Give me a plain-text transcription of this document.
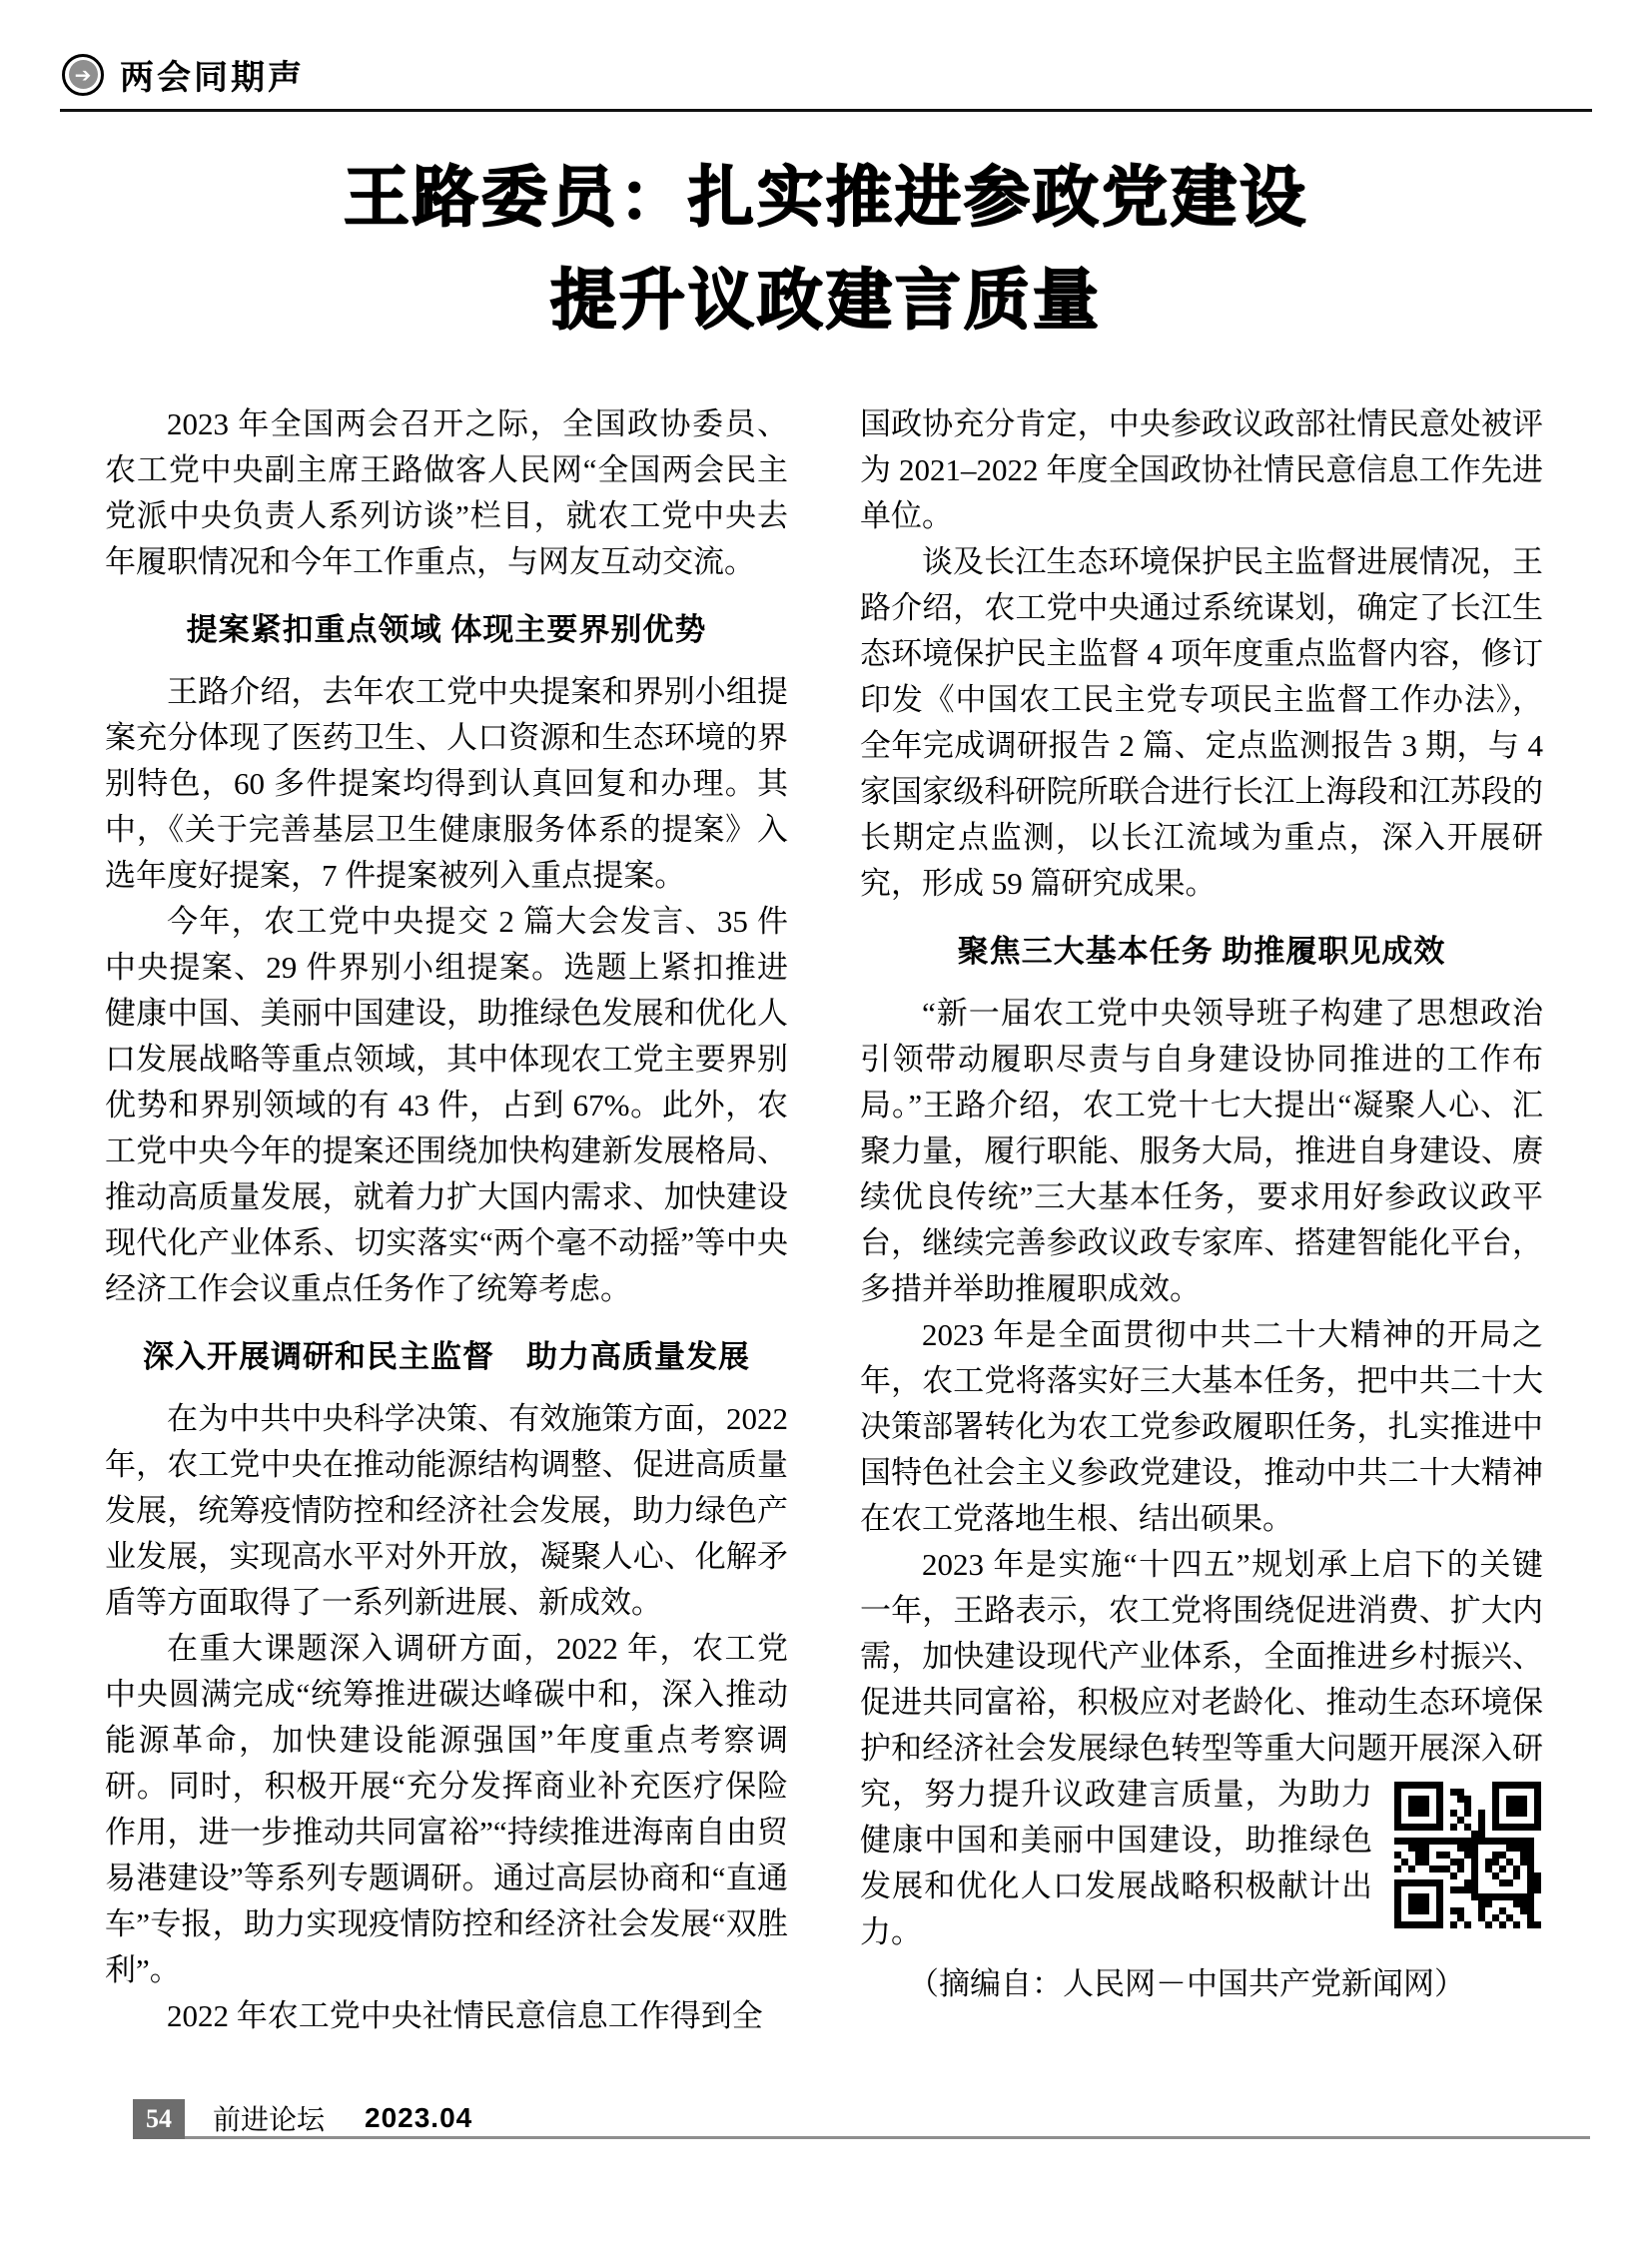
➔ 两会同期声
王路委员：扎实推进参政党建设
提升议政建言质量

2023 年全国两会召开之际，全国政协委员、农工党中央副主席王路做客人民网“全国两会民主党派中央负责人系列访谈”栏目，就农工党中央去年履职情况和今年工作重点，与网友互动交流。

提案紧扣重点领域 体现主要界别优势

王路介绍，去年农工党中央提案和界别小组提案充分体现了医药卫生、人口资源和生态环境的界别特色，60 多件提案均得到认真回复和办理。其中，《关于完善基层卫生健康服务体系的提案》入选年度好提案，7 件提案被列入重点提案。

今年，农工党中央提交 2 篇大会发言、35 件中央提案、29 件界别小组提案。选题上紧扣推进健康中国、美丽中国建设，助推绿色发展和优化人口发展战略等重点领域，其中体现农工党主要界别优势和界别领域的有 43 件，占到 67%。此外，农工党中央今年的提案还围绕加快构建新发展格局、推动高质量发展，就着力扩大国内需求、加快建设现代化产业体系、切实落实“两个毫不动摇”等中央经济工作会议重点任务作了统筹考虑。

深入开展调研和民主监督　助力高质量发展

在为中共中央科学决策、有效施策方面，2022 年，农工党中央在推动能源结构调整、促进高质量发展，统筹疫情防控和经济社会发展，助力绿色产业发展，实现高水平对外开放，凝聚人心、化解矛盾等方面取得了一系列新进展、新成效。

在重大课题深入调研方面，2022 年，农工党中央圆满完成“统筹推进碳达峰碳中和，深入推动能源革命，加快建设能源强国”年度重点考察调研。同时，积极开展“充分发挥商业补充医疗保险作用，进一步推动共同富裕”“持续推进海南自由贸易港建设”等系列专题调研。通过高层协商和“直通车”专报，助力实现疫情防控和经济社会发展“双胜利”。

2022 年农工党中央社情民意信息工作得到全

国政协充分肯定，中央参政议政部社情民意处被评为 2021–2022 年度全国政协社情民意信息工作先进单位。

谈及长江生态环境保护民主监督进展情况，王路介绍，农工党中央通过系统谋划，确定了长江生态环境保护民主监督 4 项年度重点监督内容，修订印发《中国农工民主党专项民主监督工作办法》，全年完成调研报告 2 篇、定点监测报告 3 期，与 4 家国家级科研院所联合进行长江上海段和江苏段的长期定点监测，以长江流域为重点，深入开展研究，形成 59 篇研究成果。

聚焦三大基本任务 助推履职见成效

“新一届农工党中央领导班子构建了思想政治引领带动履职尽责与自身建设协同推进的工作布局。”王路介绍，农工党十七大提出“凝聚人心、汇聚力量，履行职能、服务大局，推进自身建设、赓续优良传统”三大基本任务，要求用好参政议政平台，继续完善参政议政专家库、搭建智能化平台，多措并举助推履职成效。

2023 年是全面贯彻中共二十大精神的开局之年，农工党将落实好三大基本任务，把中共二十大决策部署转化为农工党参政履职任务，扎实推进中国特色社会主义参政党建设，推动中共二十大精神在农工党落地生根、结出硕果。

2023 年是实施“十四五”规划承上启下的关键一年，王路表示，农工党将围绕促进消费、扩大内需，加快建设现代产业体系，全面推进乡村振兴、促进共同富裕，积极应对老龄化、推动生态环境保护和经济社会发展绿色转型等重大问题
开展深入研究，努力提升议政建言质量，为助力健康中国和美丽中国建设，助推绿色发展和优化人口发展战略积极献计出力。

（摘编自：人民网－中国共产党新闻网）

54 前进论坛 2023.04
